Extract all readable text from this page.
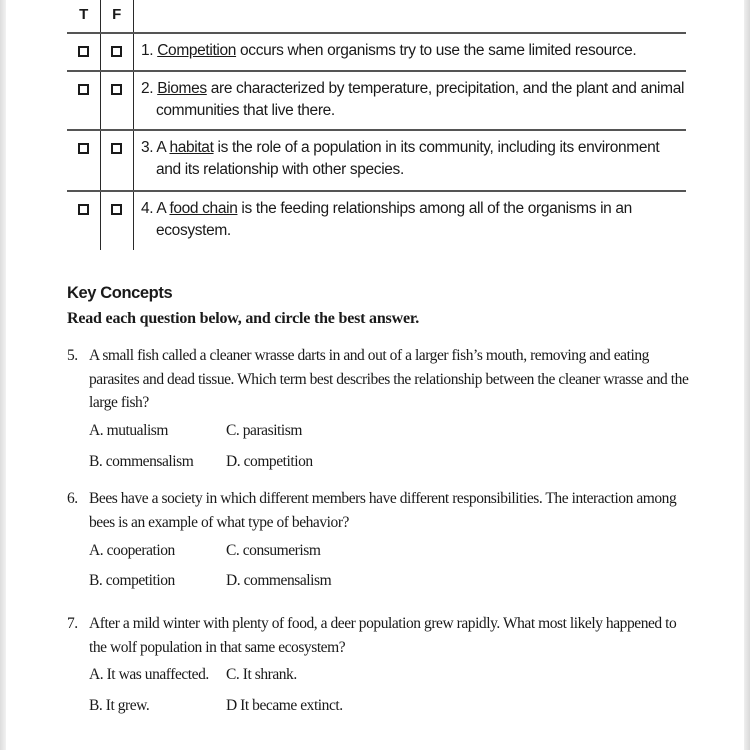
T	F
1. Competition occurs when organisms try to use the same limited resource.
2. Biomes are characterized by temperature, precipitation, and the plant and animal communities that live there.
3. A habitat is the role of a population in its community, including its environment and its relationship with other species.
4. A food chain is the feeding relationships among all of the organisms in an ecosystem.
Key Concepts
Read each question below, and circle the best answer.
5. A small fish called a cleaner wrasse darts in and out of a larger fish’s mouth, removing and eating parasites and dead tissue. Which term best describes the relationship between the cleaner wrasse and the large fish?
A. mutualism	C. parasitism
B. commensalism D. competition
6. Bees have a society in which different members have different responsibilities. The interaction among bees is an example of what type of behavior?
A. cooperation	C. consumerism
B. competition	D. commensalism
7. After a mild winter with plenty of food, a deer population grew rapidly. What most likely happened to the wolf population in that same ecosystem?
A. It was unaffected. C. It shrank.
B. It grew.	D It became extinct.
